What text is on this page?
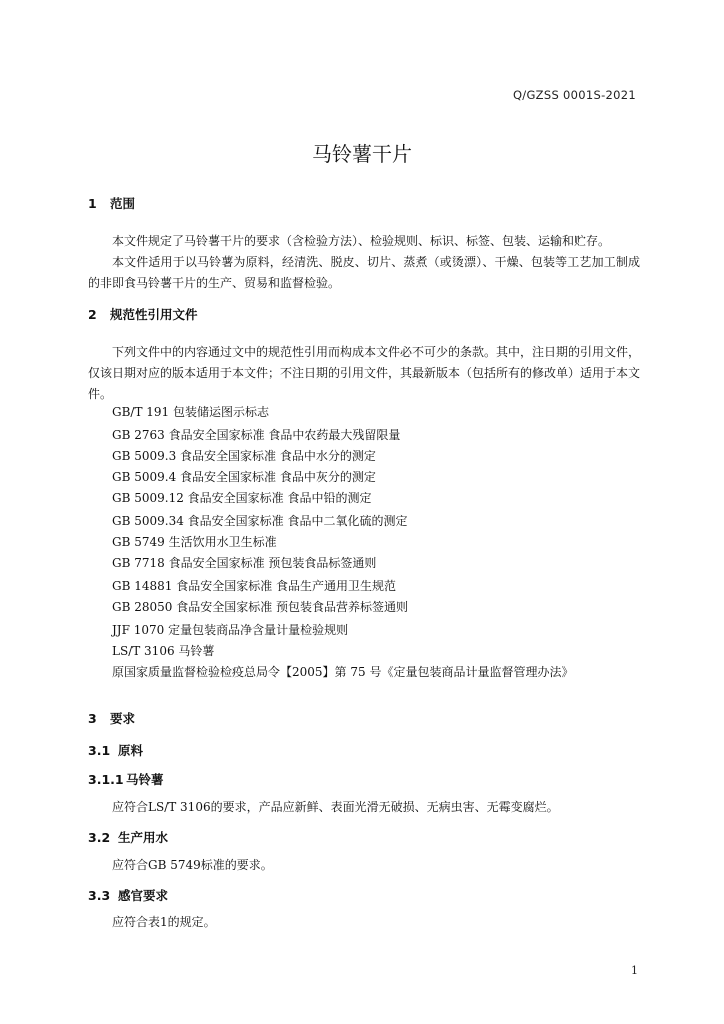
Q/GZSS 0001S-2021
马铃薯干片
1 范围

本文件规定了马铃薯干片的要求（含检验方法）、检验规则、标识、标签、包装、运输和贮存。

本文件适用于以马铃薯为原料，经清洗、脱皮、切片、蒸煮（或烫漂）、干燥、包装等工艺加工制成的非即食马铃薯干片的生产、贸易和监督检验。

2 规范性引用文件

下列文件中的内容通过文中的规范性引用而构成本文件必不可少的条款。其中，注日期的引用文件，仅该日期对应的版本适用于本文件；不注日期的引用文件，其最新版本（包括所有的修改单）适用于本文件。

GB/T 191 包装储运图示标志
GB 2763 食品安全国家标准 食品中农药最大残留限量
GB 5009.3 食品安全国家标准 食品中水分的测定
GB 5009.4 食品安全国家标准 食品中灰分的测定
GB 5009.12 食品安全国家标准 食品中铅的测定
GB 5009.34 食品安全国家标准 食品中二氧化硫的测定
GB 5749 生活饮用水卫生标准
GB 7718 食品安全国家标准 预包装食品标签通则
GB 14881 食品安全国家标准 食品生产通用卫生规范
GB 28050 食品安全国家标准 预包装食品营养标签通则
JJF 1070 定量包装商品净含量计量检验规则
LS/T 3106 马铃薯
原国家质量监督检验检疫总局令【2005】第 75 号《定量包装商品计量监督管理办法》
3 要求
3.1 原料
3.1.1 马铃薯
应符合LS/T 3106的要求，产品应新鲜、表面光滑无破损、无病虫害、无霉变腐烂。
3.2 生产用水
应符合GB 5749标准的要求。
3.3 感官要求
应符合表1的规定。
1
